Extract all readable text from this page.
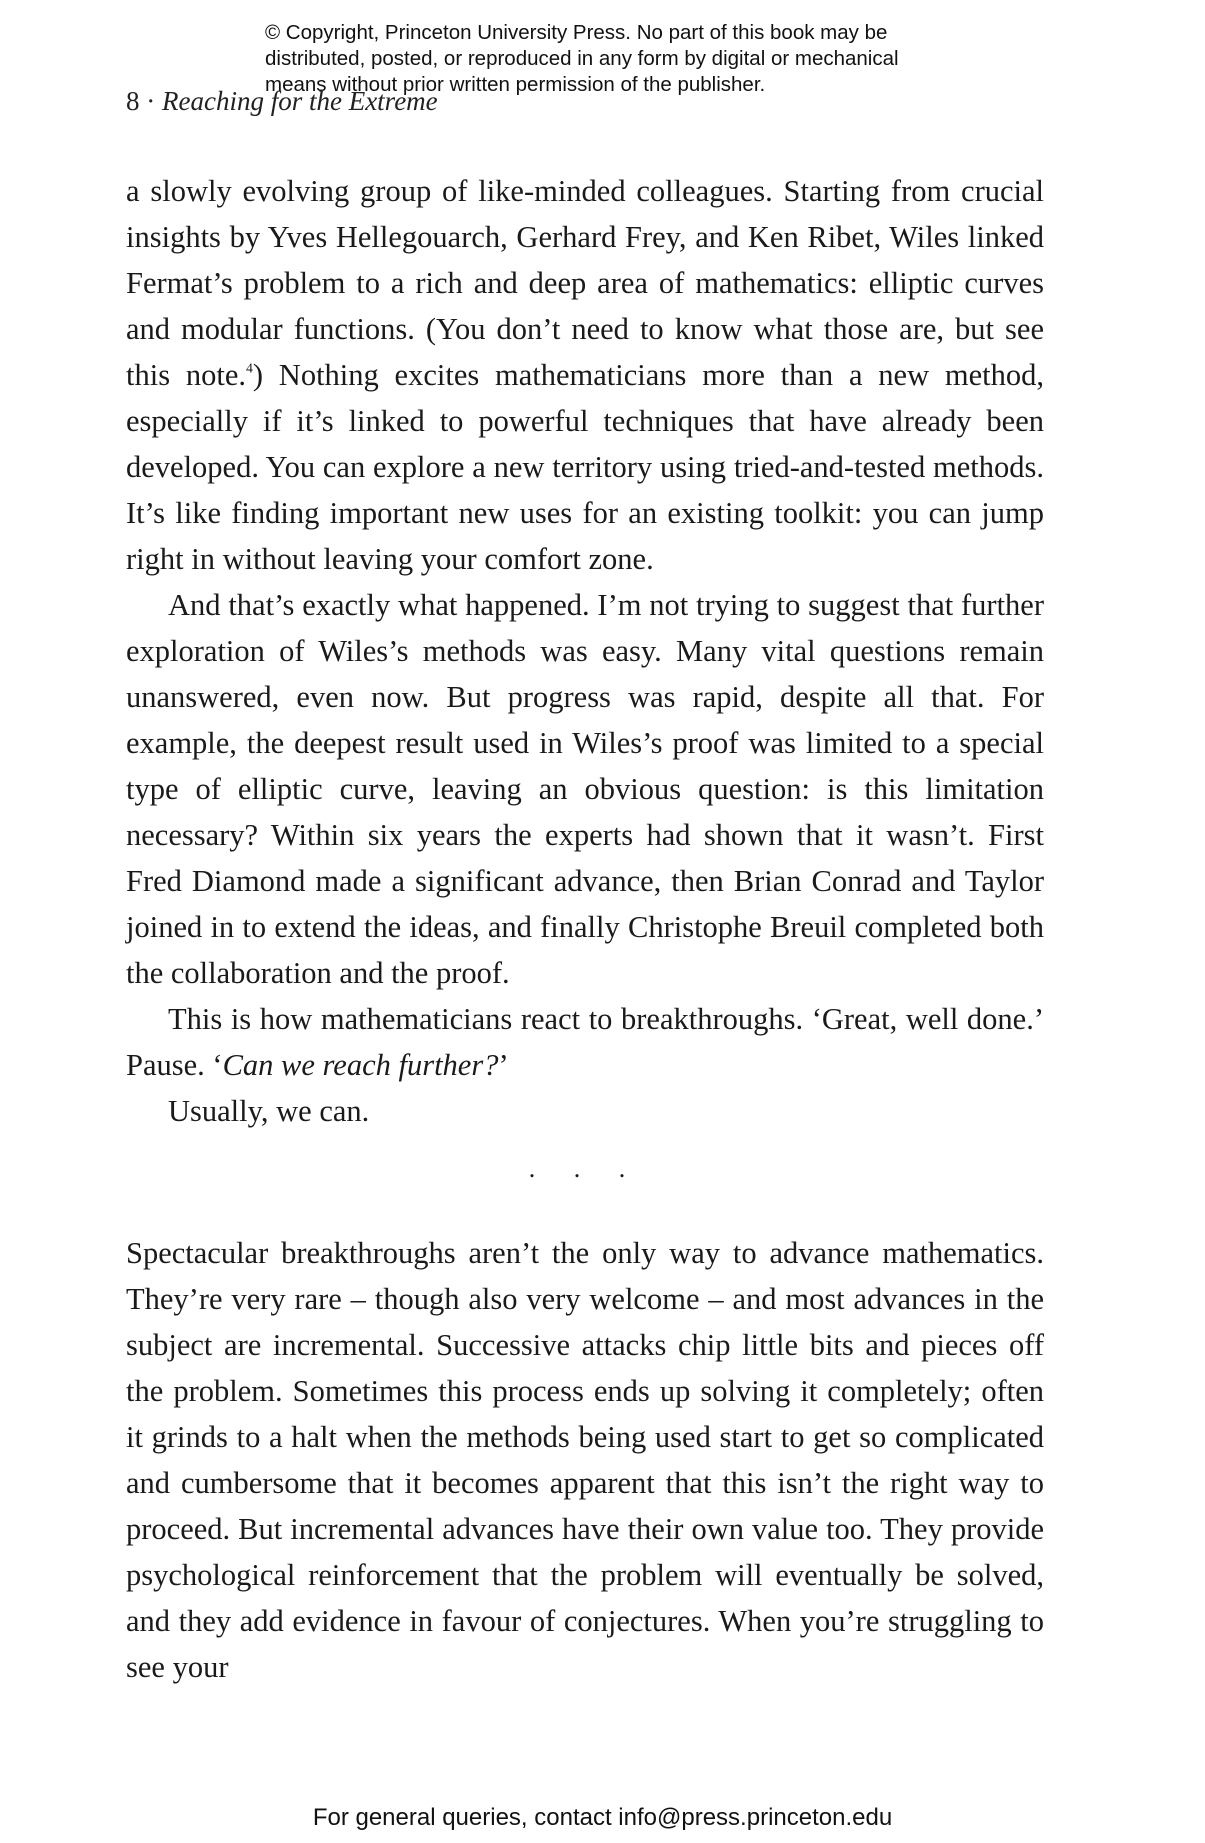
© Copyright, Princeton University Press. No part of this book may be
distributed, posted, or reproduced in any form by digital or mechanical
means without prior written permission of the publisher.
8 · Reaching for the Extreme

a slowly evolving group of like-minded colleagues. Starting from crucial insights by Yves Hellegouarch, Gerhard Frey, and Ken Ribet, Wiles linked Fermat’s problem to a rich and deep area of mathematics: elliptic curves and modular functions. (You don’t need to know what those are, but see this note.$^4$) Nothing excites mathematicians more than a new method, especially if it’s linked to powerful techniques that have already been developed. You can explore a new territory using tried-and-tested methods. It’s like finding important new uses for an existing toolkit: you can jump right in without leaving your comfort zone.

And that’s exactly what happened. I’m not trying to suggest that further exploration of Wiles’s methods was easy. Many vital questions remain unanswered, even now. But progress was rapid, despite all that. For example, the deepest result used in Wiles’s proof was limited to a special type of elliptic curve, leaving an obvious question: is this limitation necessary? Within six years the experts had shown that it wasn’t. First Fred Diamond made a significant advance, then Brian Conrad and Taylor joined in to extend the ideas, and finally Christophe Breuil completed both the collaboration and the proof.

This is how mathematicians react to breakthroughs. ‘Great, well done.’ Pause. ‘Can we reach further?’

Usually, we can.

. . .

Spectacular breakthroughs aren’t the only way to advance mathematics. They’re very rare – though also very welcome – and most advances in the subject are incremental. Successive attacks chip little bits and pieces off the problem. Sometimes this process ends up solving it completely; often it grinds to a halt when the methods being used start to get so complicated and cumbersome that it becomes apparent that this isn’t the right way to proceed. But incremental advances have their own value too. They provide psychological reinforcement that the problem will eventually be solved, and they add evidence in favour of conjectures. When you’re struggling to see your

For general queries, contact info@press.princeton.edu
